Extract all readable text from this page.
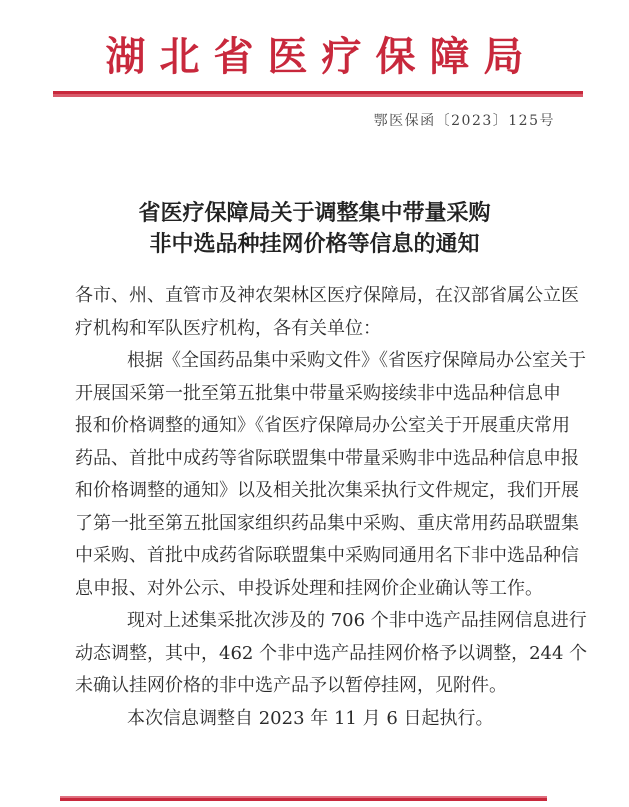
湖北省医疗保障局
鄂医保函〔2023〕125号
省医疗保障局关于调整集中带量采购
非中选品种挂网价格等信息的通知
各市、州、直管市及神农架林区医疗保障局，在汉部省属公立医
疗机构和军队医疗机构，各有关单位：
根据《全国药品集中采购文件》《省医疗保障局办公室关于
开展国采第一批至第五批集中带量采购接续非中选品种信息申
报和价格调整的通知》《省医疗保障局办公室关于开展重庆常用
药品、首批中成药等省际联盟集中带量采购非中选品种信息申报
和价格调整的通知》以及相关批次集采执行文件规定，我们开展
了第一批至第五批国家组织药品集中采购、重庆常用药品联盟集
中采购、首批中成药省际联盟集中采购同通用名下非中选品种信
息申报、对外公示、申投诉处理和挂网价企业确认等工作。
现对上述集采批次涉及的 706 个非中选产品挂网信息进行
动态调整，其中，462 个非中选产品挂网价格予以调整，244 个
未确认挂网价格的非中选产品予以暂停挂网，见附件。
本次信息调整自 2023 年 11 月 6 日起执行。
